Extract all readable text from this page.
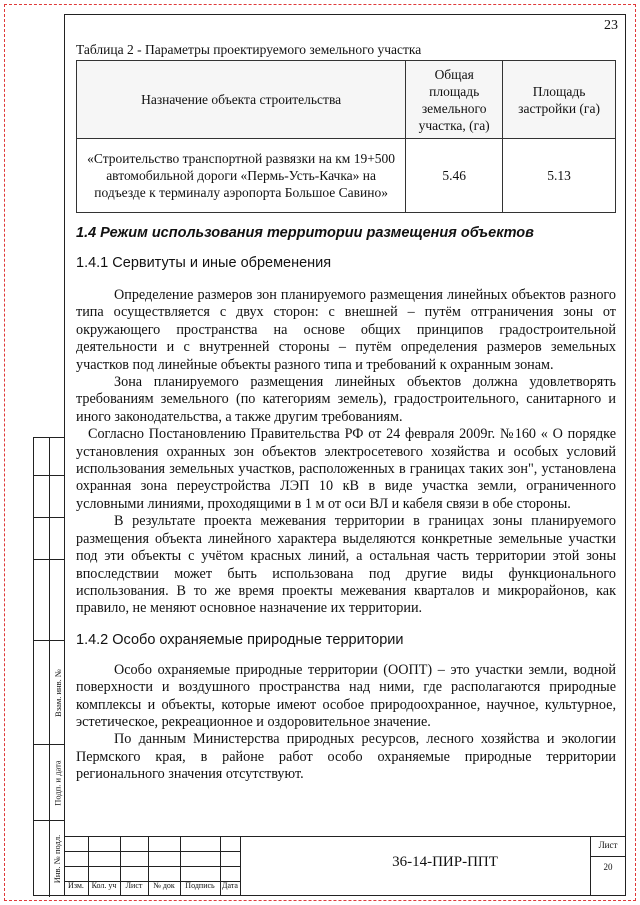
23
Взам. инв. №
Подп. и дата
Инв. № подл.
Таблица 2 - Параметры проектируемого земельного участка
Назначение объекта строительства	Общая площадь земельного участка, (га)	Площадь застройки (га)
«Строительство транспортной развязки на км 19+500 автомобильной дороги «Пермь-Усть-Качка» на подъезде к терминалу аэропорта Большое Савино»	5.46	5.13
1.4 Режим использования территории размещения объектов
1.4.1 Сервитуты и иные обременения

Определение размеров зон планируемого размещения линейных объектов разного типа осуществляется с двух сторон: с внешней – путём отграничения зоны от окружающего пространства на основе общих принципов градостроительной деятельности и с внутренней стороны – путём определения размеров земельных участков под линейные объекты разного типа и требований к охранным зонам.

Зона планируемого размещения линейных объектов должна удовлетворять требованиям земельного (по категориям земель), градостроительного, санитарного и иного законодательства, а также другим требованиям.

Согласно Постановлению Правительства РФ от 24 февраля 2009г. №160 « О порядке установления охранных зон объектов электросетевого хозяйства и особых условий использования земельных участков, расположенных в границах таких зон", установлена охранная зона переустройства ЛЭП 10 кВ в виде участка земли, ограниченного условными линиями, проходящими в 1 м от оси ВЛ и кабеля связи в обе стороны.

В результате проекта межевания территории в границах зоны планируемого размещения объекта линейного характера выделяются конкретные земельные участки под эти объекты с учётом красных линий, а остальная часть территории этой зоны впоследствии может быть использована под другие виды функционального использования. В то же время проекты межевания кварталов и микрорайонов, как правило, не меняют основное назначение их территории.

1.4.2 Особо охраняемые природные территории

Особо охраняемые природные территории (ООПТ) – это участки земли, водной поверхности и воздушного пространства над ними, где располагаются природные комплексы и объекты, которые имеют особое природоохранное, научное, культурное, эстетическое, рекреационное и оздоровительное значение.

По данным Министерства природных ресурсов, лесного хозяйства и экологии Пермского края, в районе работ особо охраняемые природные территории регионального значения отсутствуют.

Изм. Кол. уч	Лист	№ док	Подпись Дата
36-14-ПИР-ППТ
Лист
20
